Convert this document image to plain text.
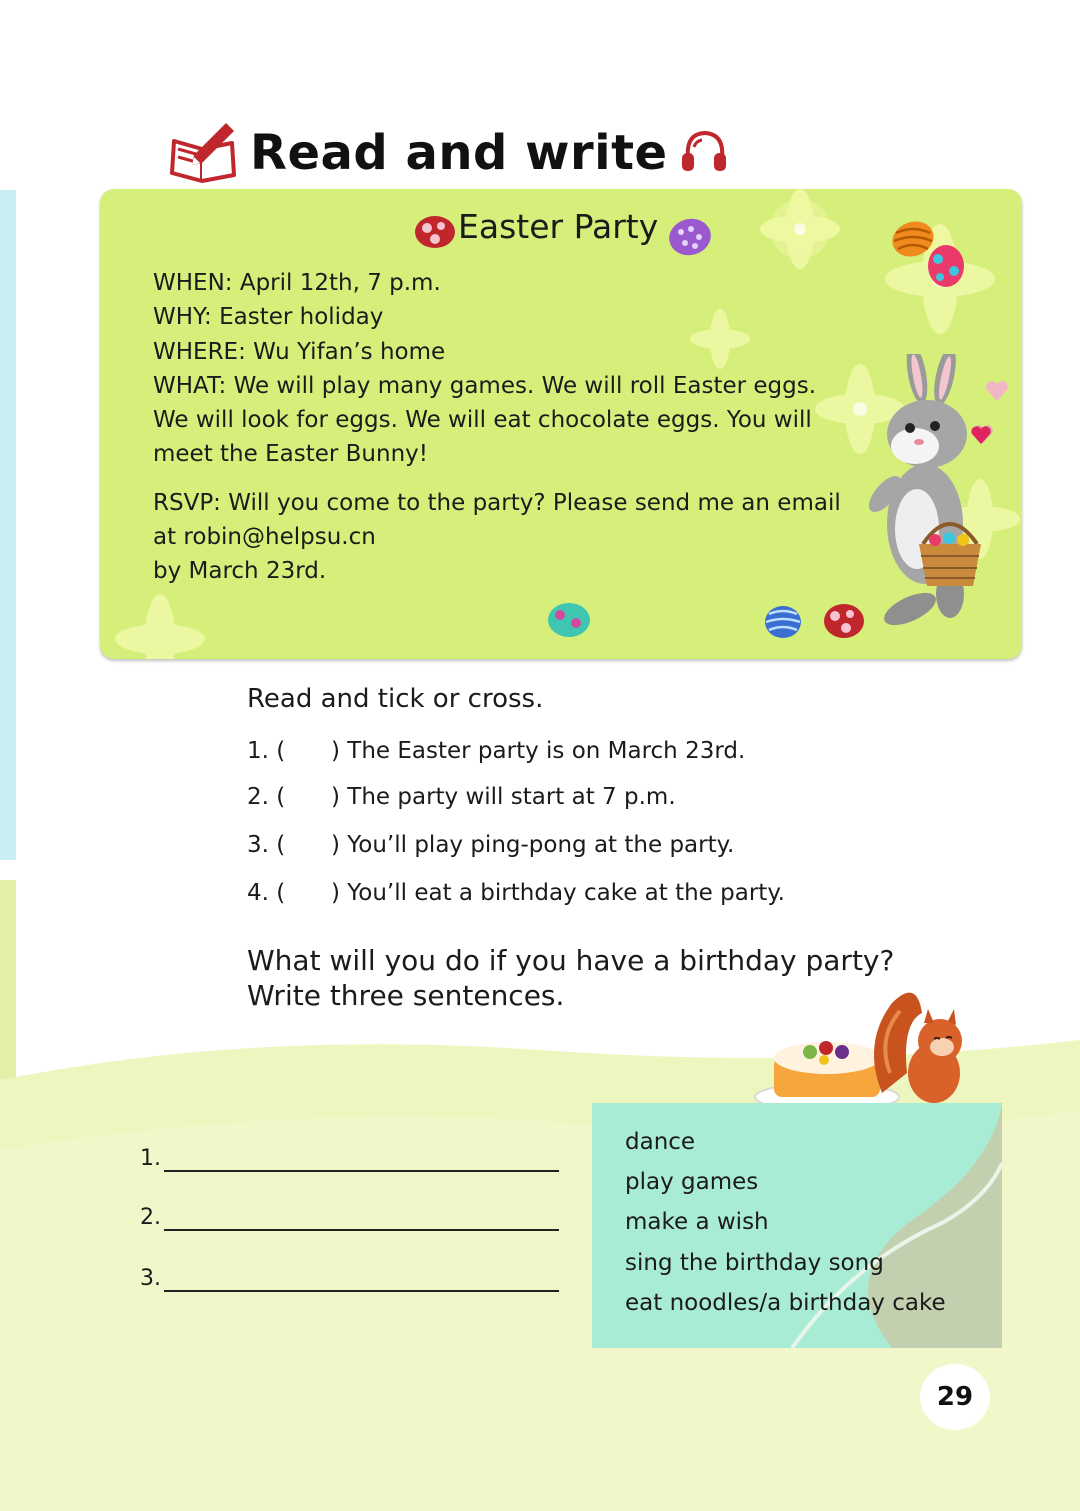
Read and write
Easter Party
WHEN: April 12th, 7 p.m.
WHY: Easter holiday
WHERE: Wu Yifan’s home
WHAT: We will play many games. We will roll Easter eggs.
We will look for eggs. We will eat chocolate eggs. You will
meet the Easter Bunny!
RSVP: Will you come to the party? Please send me an email
at robin@helpsu.cn
by March 23rd.
Read and tick or cross.
1. ( ) The Easter party is on March 23rd.
2. ( ) The party will start at 7 p.m.
3. ( ) You’ll play ping-pong at the party.
4. ( ) You’ll eat a birthday cake at the party.
What will you do if you have a birthday party?
Write three sentences.
1.
2.
3.
dance
play games
make a wish
sing the birthday song
eat noodles/a birthday cake
29
